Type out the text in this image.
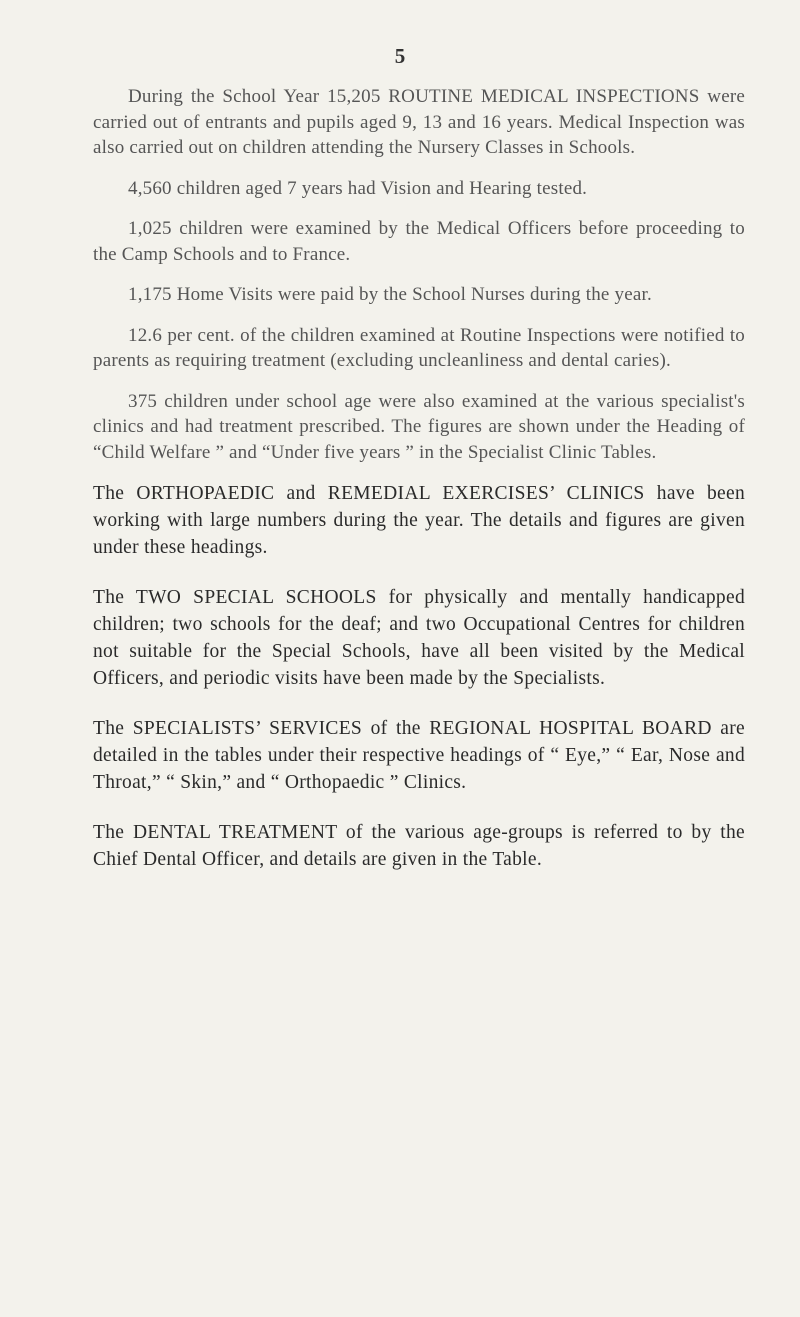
5

During the School Year 15,205 ROUTINE MEDICAL INSPECTIONS were carried out of entrants and pupils aged 9, 13 and 16 years. Medical Inspection was also carried out on children attending the Nursery Classes in Schools.

4,560 children aged 7 years had Vision and Hearing tested.

1,025 children were examined by the Medical Officers before proceeding to the Camp Schools and to France.

1,175 Home Visits were paid by the School Nurses during the year.

12.6 per cent. of the children examined at Routine Inspections were notified to parents as requiring treatment (excluding uncleanliness and dental caries).

375 children under school age were also examined at the various specialist's clinics and had treatment prescribed. The figures are shown under the Heading of “Child Welfare ” and “Under five years ” in the Specialist Clinic Tables.

The ORTHOPAEDIC and REMEDIAL EXERCISES’ CLINICS have been working with large numbers during the year. The details and figures are given under these headings.

The TWO SPECIAL SCHOOLS for physically and mentally handicapped children; two schools for the deaf; and two Occupational Centres for children not suitable for the Special Schools, have all been visited by the Medical Officers, and periodic visits have been made by the Specialists.

The SPECIALISTS’ SERVICES of the REGIONAL HOSPITAL BOARD are detailed in the tables under their respective headings of “ Eye,” “ Ear, Nose and Throat,” “ Skin,” and “ Orthopaedic ” Clinics.

The DENTAL TREATMENT of the various age-groups is referred to by the Chief Dental Officer, and details are given in the Table.
